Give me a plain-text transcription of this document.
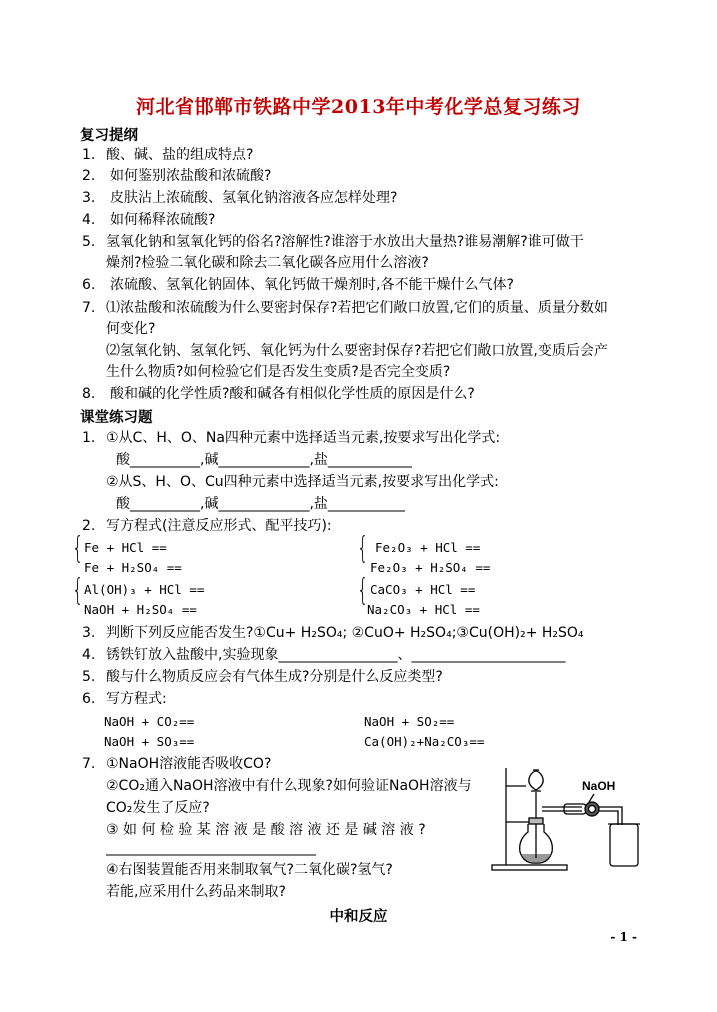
河北省邯郸市铁路中学2013年中考化学总复习练习
复习提纲
1. 酸、碱、盐的组成特点?
2. 如何鉴别浓盐酸和浓硫酸?
3. 皮肤沾上浓硫酸、氢氧化钠溶液各应怎样处理?
4. 如何稀释浓硫酸?
5. 氢氧化钠和氢氧化钙的俗名?溶解性?谁溶于水放出大量热?谁易潮解?谁可做干
燥剂?检验二氧化碳和除去二氧化碳各应用什么溶液?
6. 浓硫酸、氢氧化钠固体、氧化钙做干燥剂时,各不能干燥什么气体?
7. ⑴浓盐酸和浓硫酸为什么要密封保存?若把它们敞口放置,它们的质量、质量分数如
何变化?
⑵氢氧化钠、氢氧化钙、氧化钙为什么要密封保存?若把它们敞口放置,变质后会产
生什么物质?如何检验它们是否发生变质?是否完全变质?
8. 酸和碱的化学性质?酸和碱各有相似化学性质的原因是什么?
课堂练习题
1. ①从C、H、O、Na四种元素中选择适当元素,按要求写出化学式:
酸__________,碱_____________,盐____________
②从S、H、O、Cu四种元素中选择适当元素,按要求写出化学式:
酸__________,碱_____________,盐___________
2. 写方程式(注意反应形式、配平技巧):
{ Fe + HCl ==
Fe + H₂SO₄ ==
{ Fe₂O₃ + HCl ==
Fe₂O₃ + H₂SO₄ ==
{ Al(OH)₃ + HCl ==
NaOH + H₂SO₄ ==
{ CaCO₃ + HCl ==
Na₂CO₃ + HCl ==
3. 判断下列反应能否发生?①Cu+ H₂SO₄; ②CuO+ H₂SO₄;③Cu(OH)₂+ H₂SO₄
4. 锈铁钉放入盐酸中,实验现象_________________、______________________
5. 酸与什么物质反应会有气体生成?分别是什么反应类型?
6. 写方程式:
NaOH + CO₂==	NaOH + SO₂==
NaOH + SO₃==	Ca(OH)₂+Na₂CO₃==
7. ①NaOH溶液能否吸收CO?
②CO₂通入NaOH溶液中有什么现象?如何验证NaOH溶液与
CO₂发生了反应?
③ 如 何 检 验 某 溶 液 是 酸 溶 液 还 是 碱 溶 液 ?
______________________________
④右图装置能否用来制取氧气?二氧化碳?氢气?
若能,应采用什么药品来制取?
NaOH
中和反应
- 1 -
